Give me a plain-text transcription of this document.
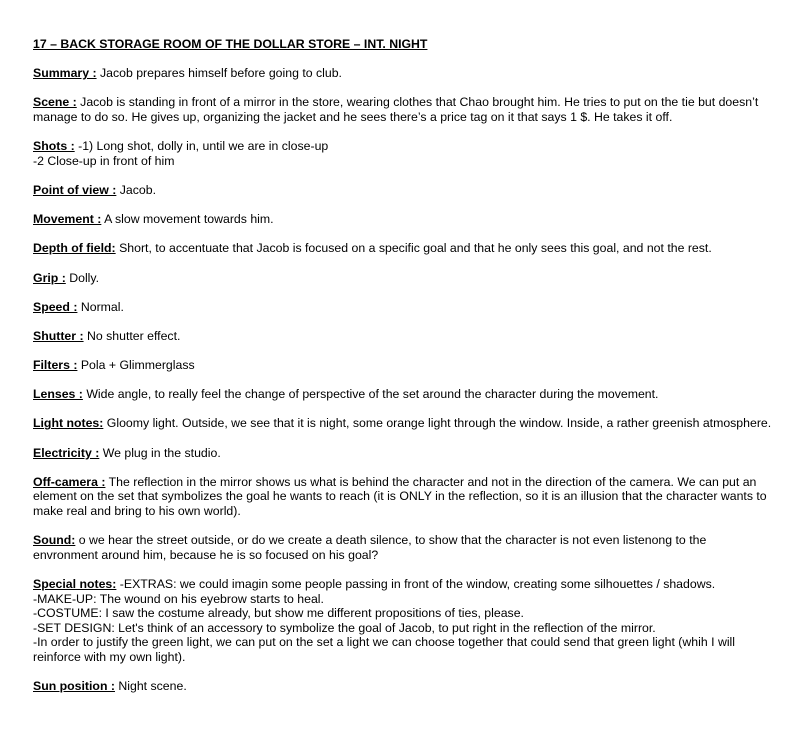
17 – BACK STORAGE ROOM OF THE DOLLAR STORE – INT. NIGHT
Summary : Jacob prepares himself before going to club.
Scene : Jacob is standing in front of a mirror in the store, wearing clothes that Chao brought him. He tries to put on the tie but doesn’t manage to do so. He gives up, organizing the jacket and he sees there’s a price tag on it that says 1 $. He takes it off.
Shots : -1) Long shot, dolly in, until we are in close-up
-2 Close-up in front of him
Point of view : Jacob.
Movement : A slow movement towards him.
Depth of field: Short, to accentuate that Jacob is focused on a specific goal and that he only sees this goal, and not the rest.
Grip : Dolly.
Speed : Normal.
Shutter : No shutter effect.
Filters : Pola + Glimmerglass
Lenses : Wide angle, to really feel the change of perspective of the set around the character during the movement.
Light notes: Gloomy light. Outside, we see that it is night, some orange light through the window. Inside, a rather greenish atmosphere.
Electricity : We plug in the studio.
Off-camera : The reflection in the mirror shows us what is behind the character and not in the direction of the camera. We can put an element on the set that symbolizes the goal he wants to reach (it is ONLY in the reflection, so it is an illusion that the character wants to make real and bring to his own world).
Sound: o we hear the street outside, or do we create a death silence, to show that the character is not even listenong to the envronment around him, because he is so focused on his goal?
Special notes: -EXTRAS: we could imagin some people passing in front of the window, creating some silhouettes / shadows.
-MAKE-UP: The wound on his eyebrow starts to heal.
-COSTUME: I saw the costume already, but show me different propositions of ties, please.
-SET DESIGN: Let's think of an accessory to symbolize the goal of Jacob, to put right in the reflection of the mirror.
-In order to justify the green light, we can put on the set a light we can choose together that could send that green light (whih I will reinforce with my own light).
Sun position : Night scene.
